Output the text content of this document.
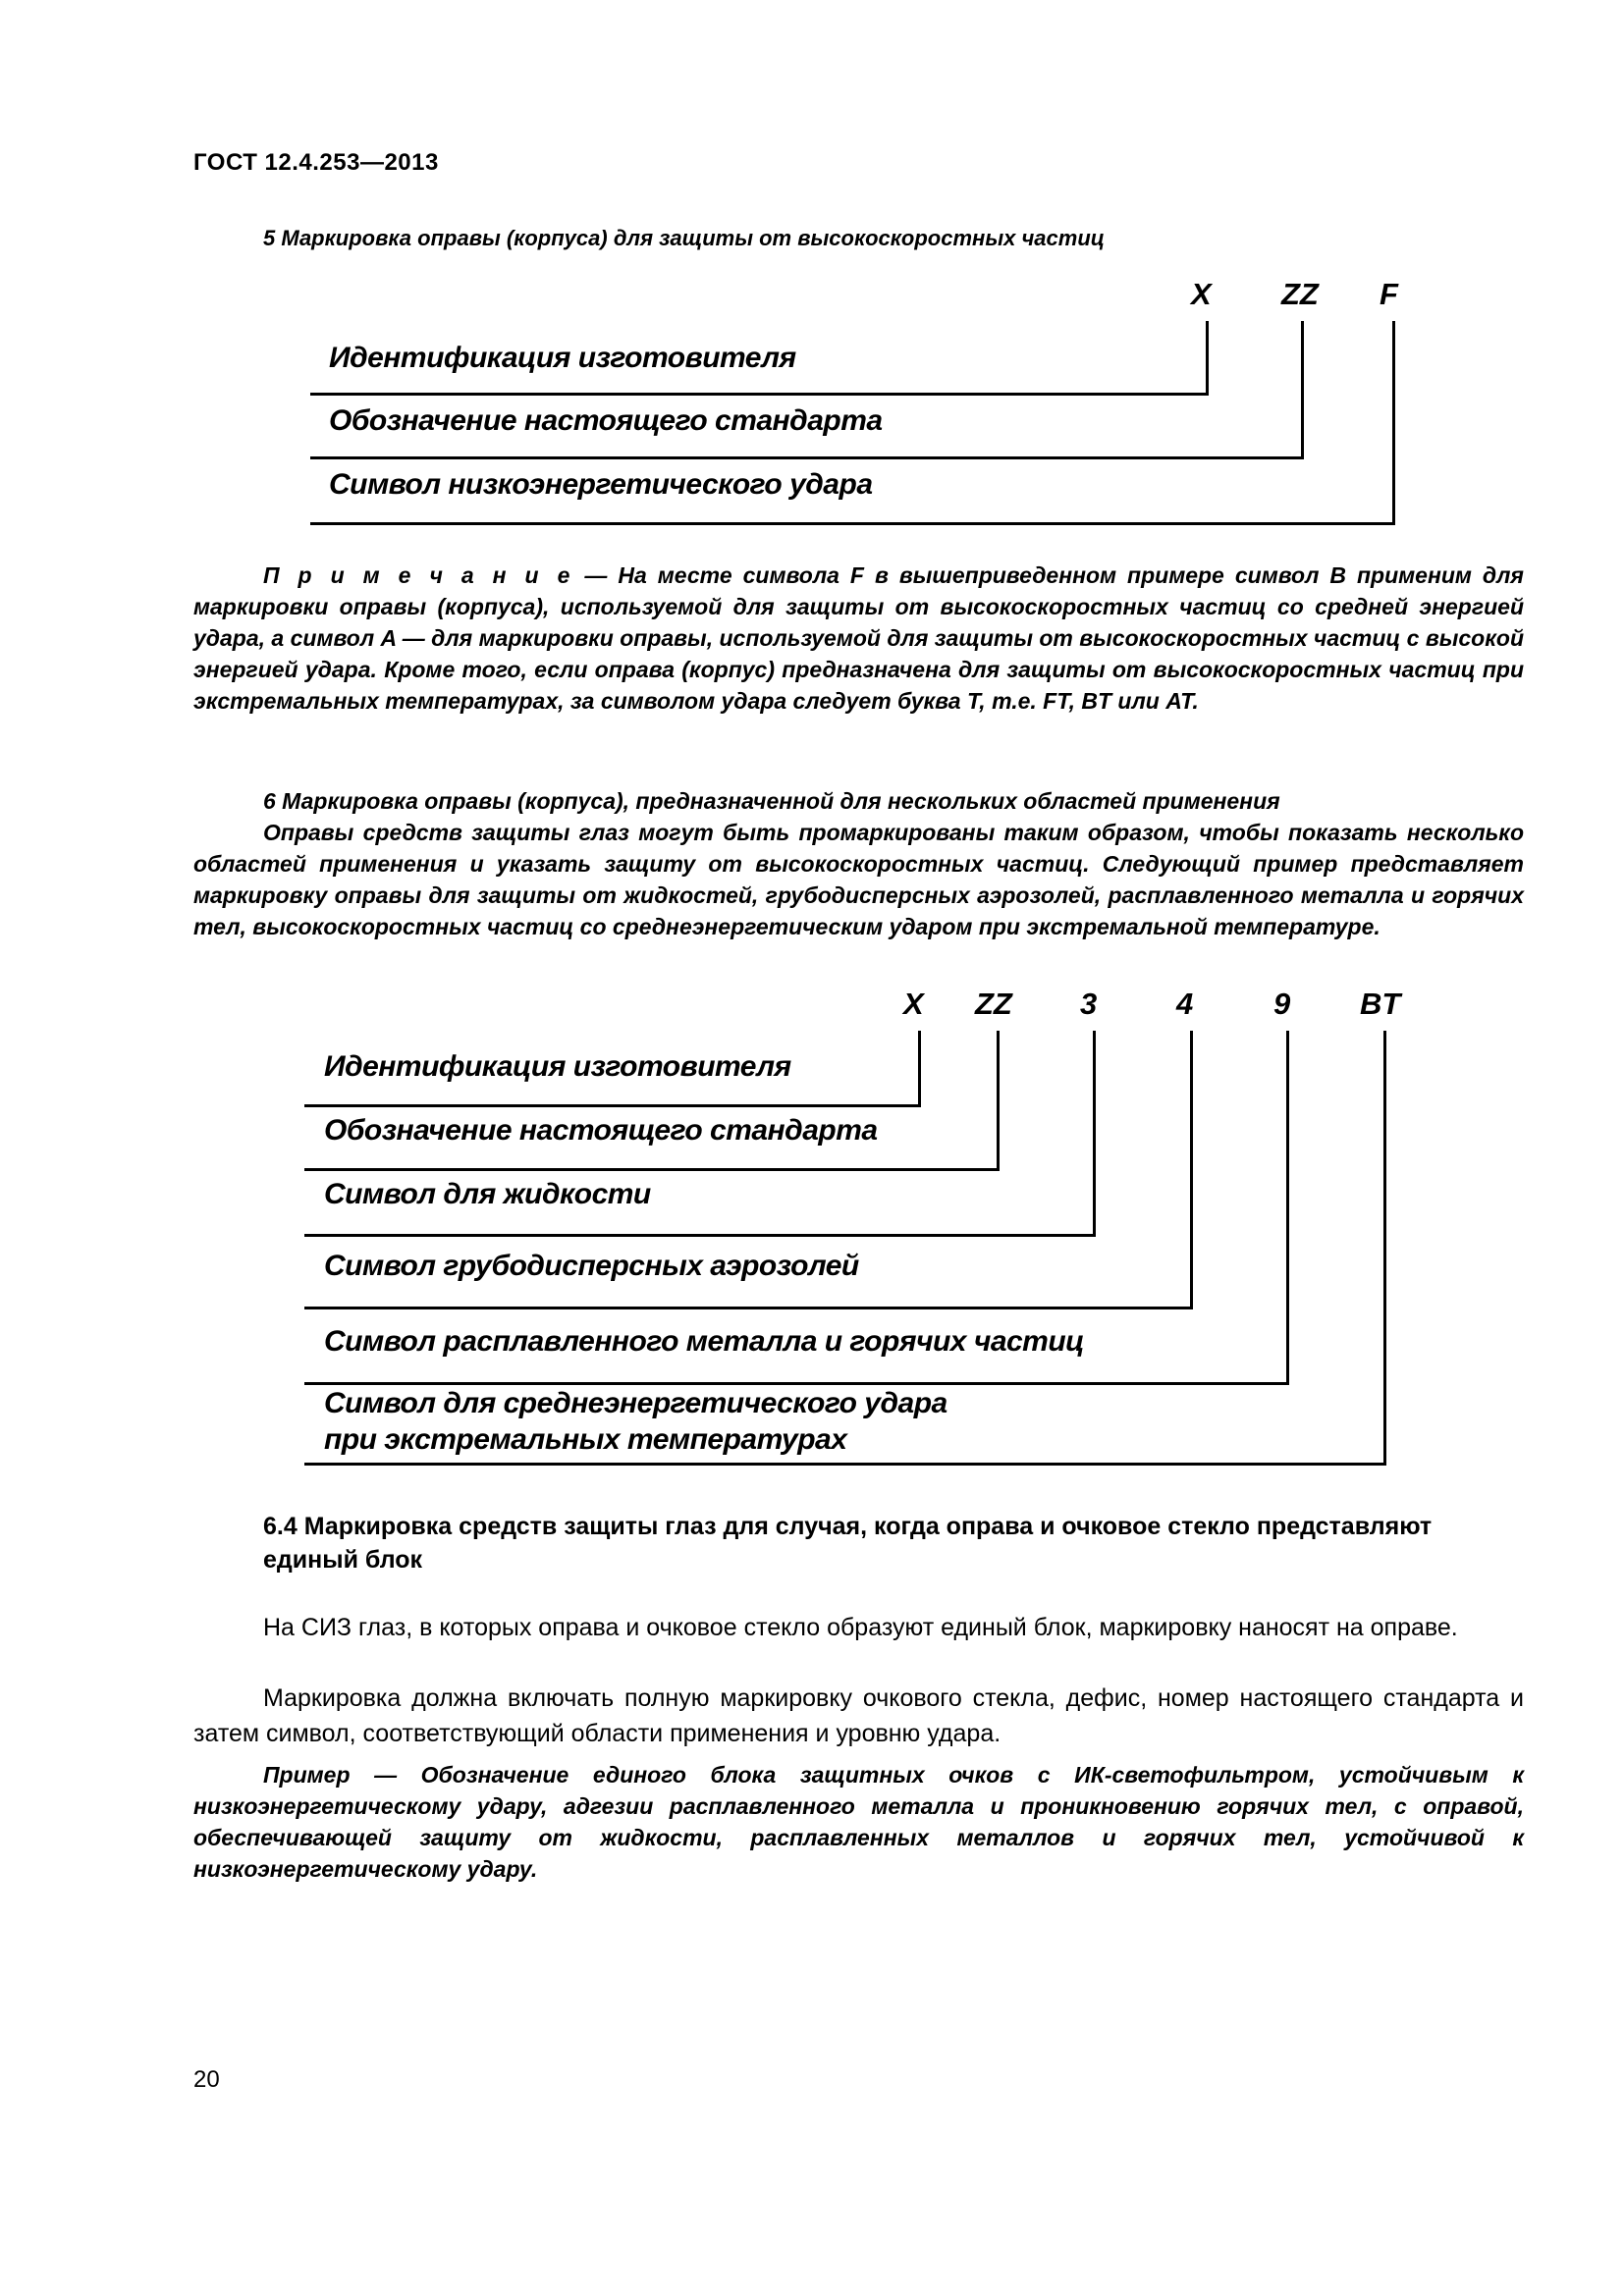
ГОСТ 12.4.253—2013
5 Маркировка оправы (корпуса) для защиты от высокоскоростных частиц
X ZZ F
Идентификация изготовителя
Обозначение настоящего стандарта
Символ низкоэнергетического удара
П р и м е ч а н и е — На месте символа F в вышеприведенном примере символ B применим для маркировки оправы (корпуса), используемой для защиты от высокоскоростных частиц со средней энергией удара, а символ A — для маркировки оправы, используемой для защиты от высокоскоростных частиц с высокой энергией удара. Кроме того, если оправа (корпус) предназначена для защиты от высокоскоростных частиц при экстремальных температурах, за символом удара следует буква T, т.е. FT, BT или AT.
6 Маркировка оправы (корпуса), предназначенной для нескольких областей применения
Оправы средств защиты глаз могут быть промаркированы таким образом, чтобы показать несколько областей применения и указать защиту от высокоскоростных частиц. Следующий пример представляет маркировку оправы для защиты от жидкостей, грубодисперсных аэрозолей, расплавленного металла и горячих тел, высокоскоростных частиц со среднеэнергетическим ударом при экстремальной температуре.
X ZZ 3	4	9 BT
Идентификация изготовителя
Обозначение настоящего стандарта
Символ для жидкости
Символ грубодисперсных аэрозолей
Символ расплавленного металла и горячих частиц
Символ для среднеэнергетического удара
при экстремальных температурах
6.4 Маркировка средств защиты глаз для случая, когда оправа и очковое стекло представляют единый блок
На СИЗ глаз, в которых оправа и очковое стекло образуют единый блок, маркировку наносят на оправе.
Маркировка должна включать полную маркировку очкового стекла, дефис, номер настоящего стандарта и затем символ, соответствующий области применения и уровню удара.
Пример — Обозначение единого блока защитных очков с ИК-светофильтром, устойчивым к низкоэнергетическому удару, адгезии расплавленного металла и проникновению горячих тел, с оправой, обеспечивающей защиту от жидкости, расплавленных металлов и горячих тел, устойчивой к низкоэнергетическому удару.
20
